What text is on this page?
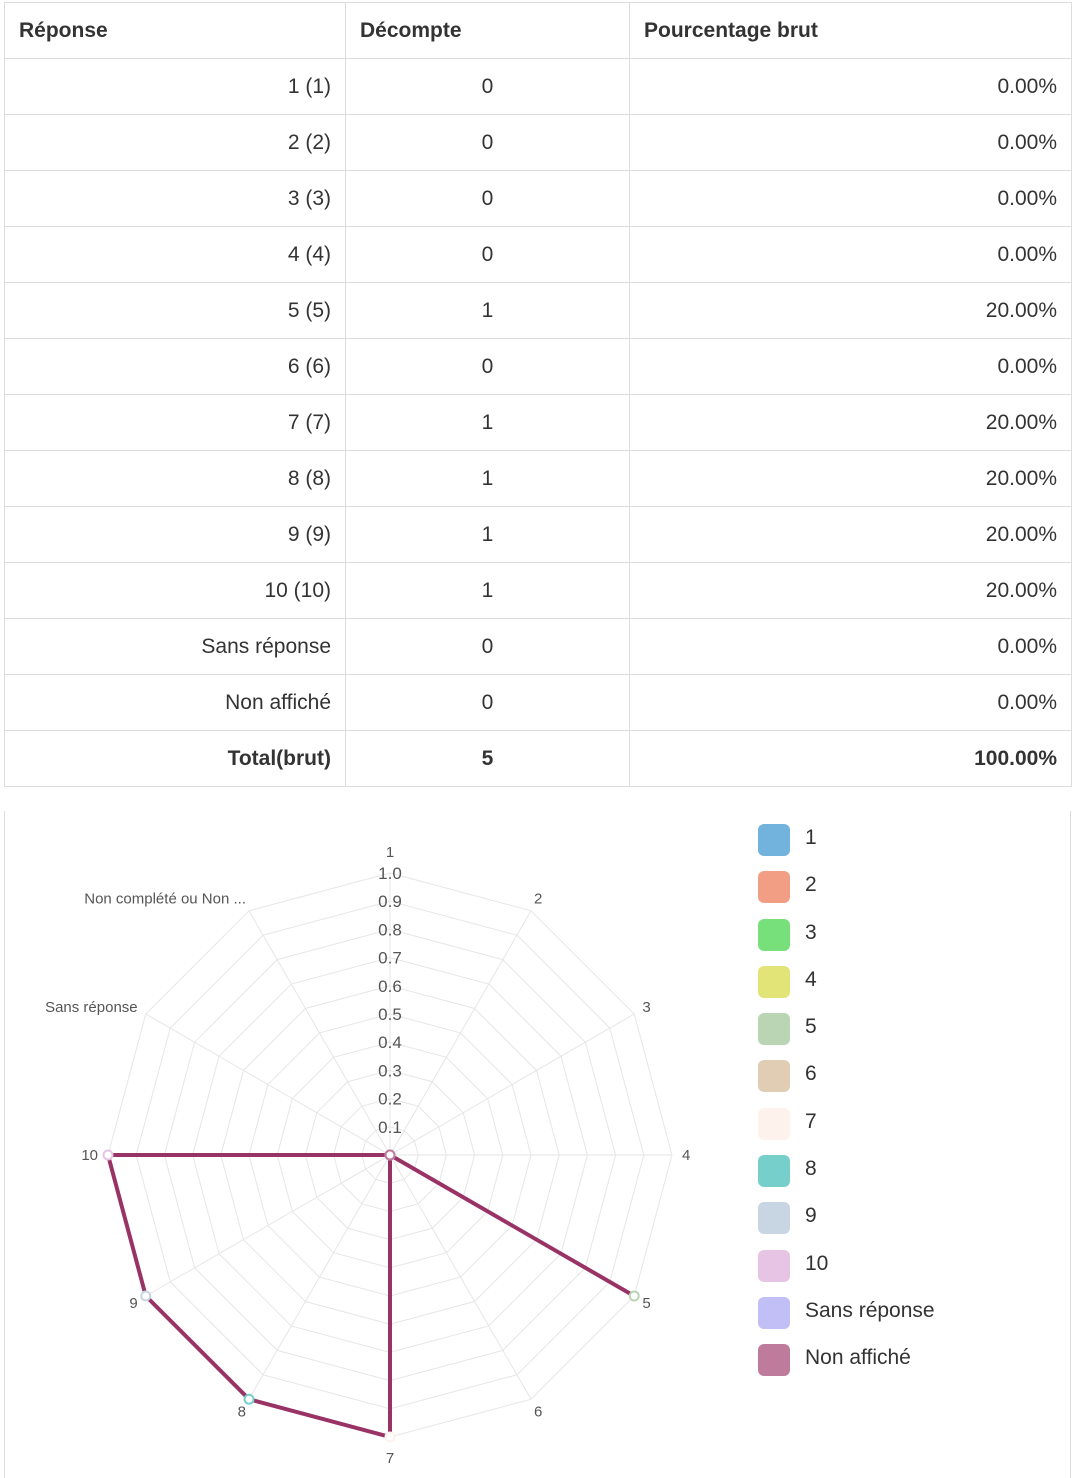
Réponse	Décompte	Pourcentage brut
1 (1)	0	0.00%
2 (2)	0	0.00%
3 (3)	0	0.00%
4 (4)	0	0.00%
5 (5)	1	20.00%
6 (6)	0	0.00%
7 (7)	1	20.00%
8 (8)	1	20.00%
9 (9)	1	20.00%
10 (10)	1	20.00%
Sans réponse	0	0.00%
Non affiché	0	0.00%
Total(brut)	5	100.00%
0.1
0.2
0.3
0.4
0.5
0.6
0.7
0.8
0.9
1.0
1
2
3
4
5
6
7
8
9
10
Sans réponse
Non complété ou Non ...
1
2
3
4
5
6
7
8
9
10
Sans réponse
Non affiché
